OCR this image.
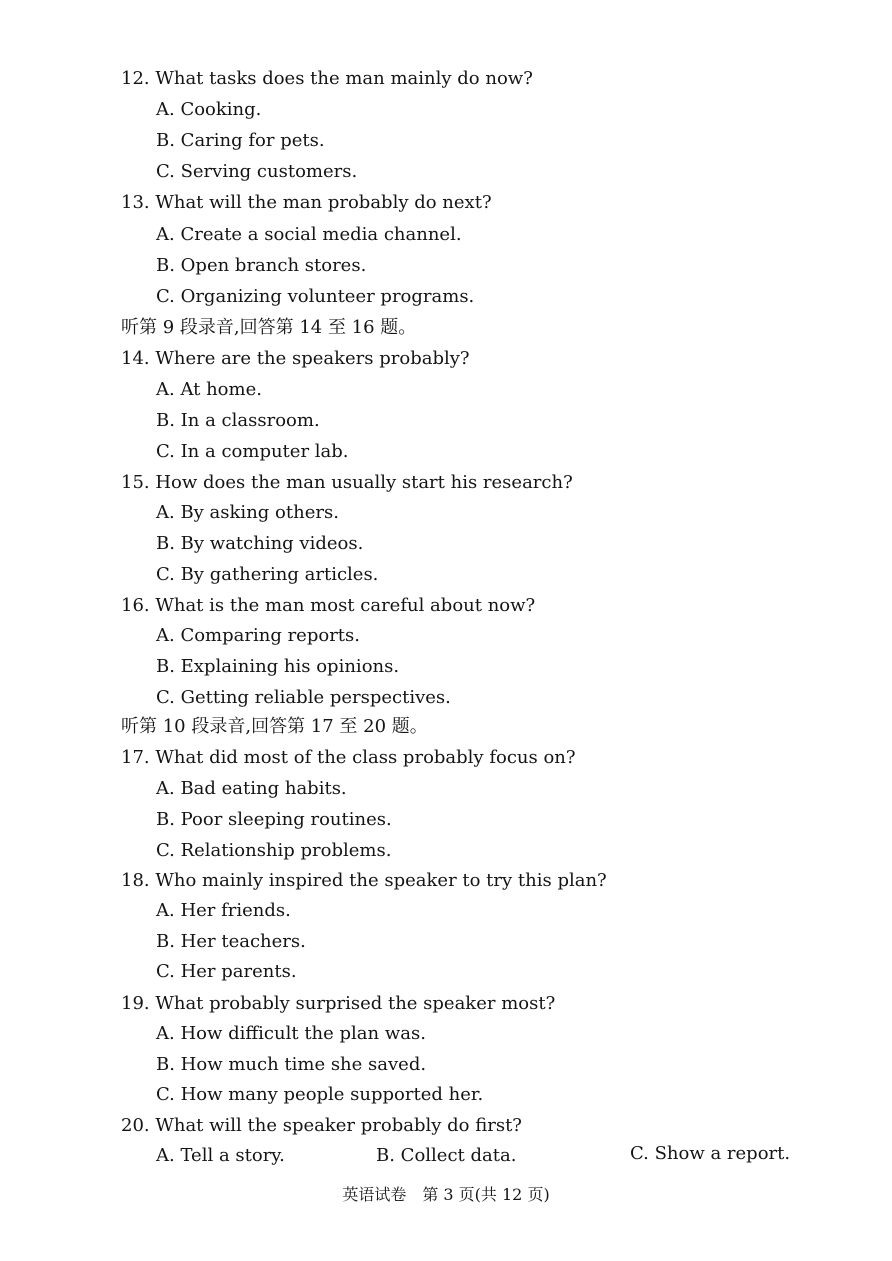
12. What tasks does the man mainly do now?
A. Cooking.
B. Caring for pets.
C. Serving customers.
13. What will the man probably do next?
A. Create a social media channel.
B. Open branch stores.
C. Organizing volunteer programs.
听第 9 段录音,回答第 14 至 16 题。
14. Where are the speakers probably?
A. At home.
B. In a classroom.
C. In a computer lab.
15. How does the man usually start his research?
A. By asking others.
B. By watching videos.
C. By gathering articles.
16. What is the man most careful about now?
A. Comparing reports.
B. Explaining his opinions.
C. Getting reliable perspectives.
听第 10 段录音,回答第 17 至 20 题。
17. What did most of the class probably focus on?
A. Bad eating habits.
B. Poor sleeping routines.
C. Relationship problems.
18. Who mainly inspired the speaker to try this plan?
A. Her friends.
B. Her teachers.
C. Her parents.
19. What probably surprised the speaker most?
A. How difficult the plan was.
B. How much time she saved.
C. How many people supported her.
20. What will the speaker probably do first?
A. Tell a story.	B. Collect data.	C. Show a report.
英语试卷　第 3 页(共 12 页)
